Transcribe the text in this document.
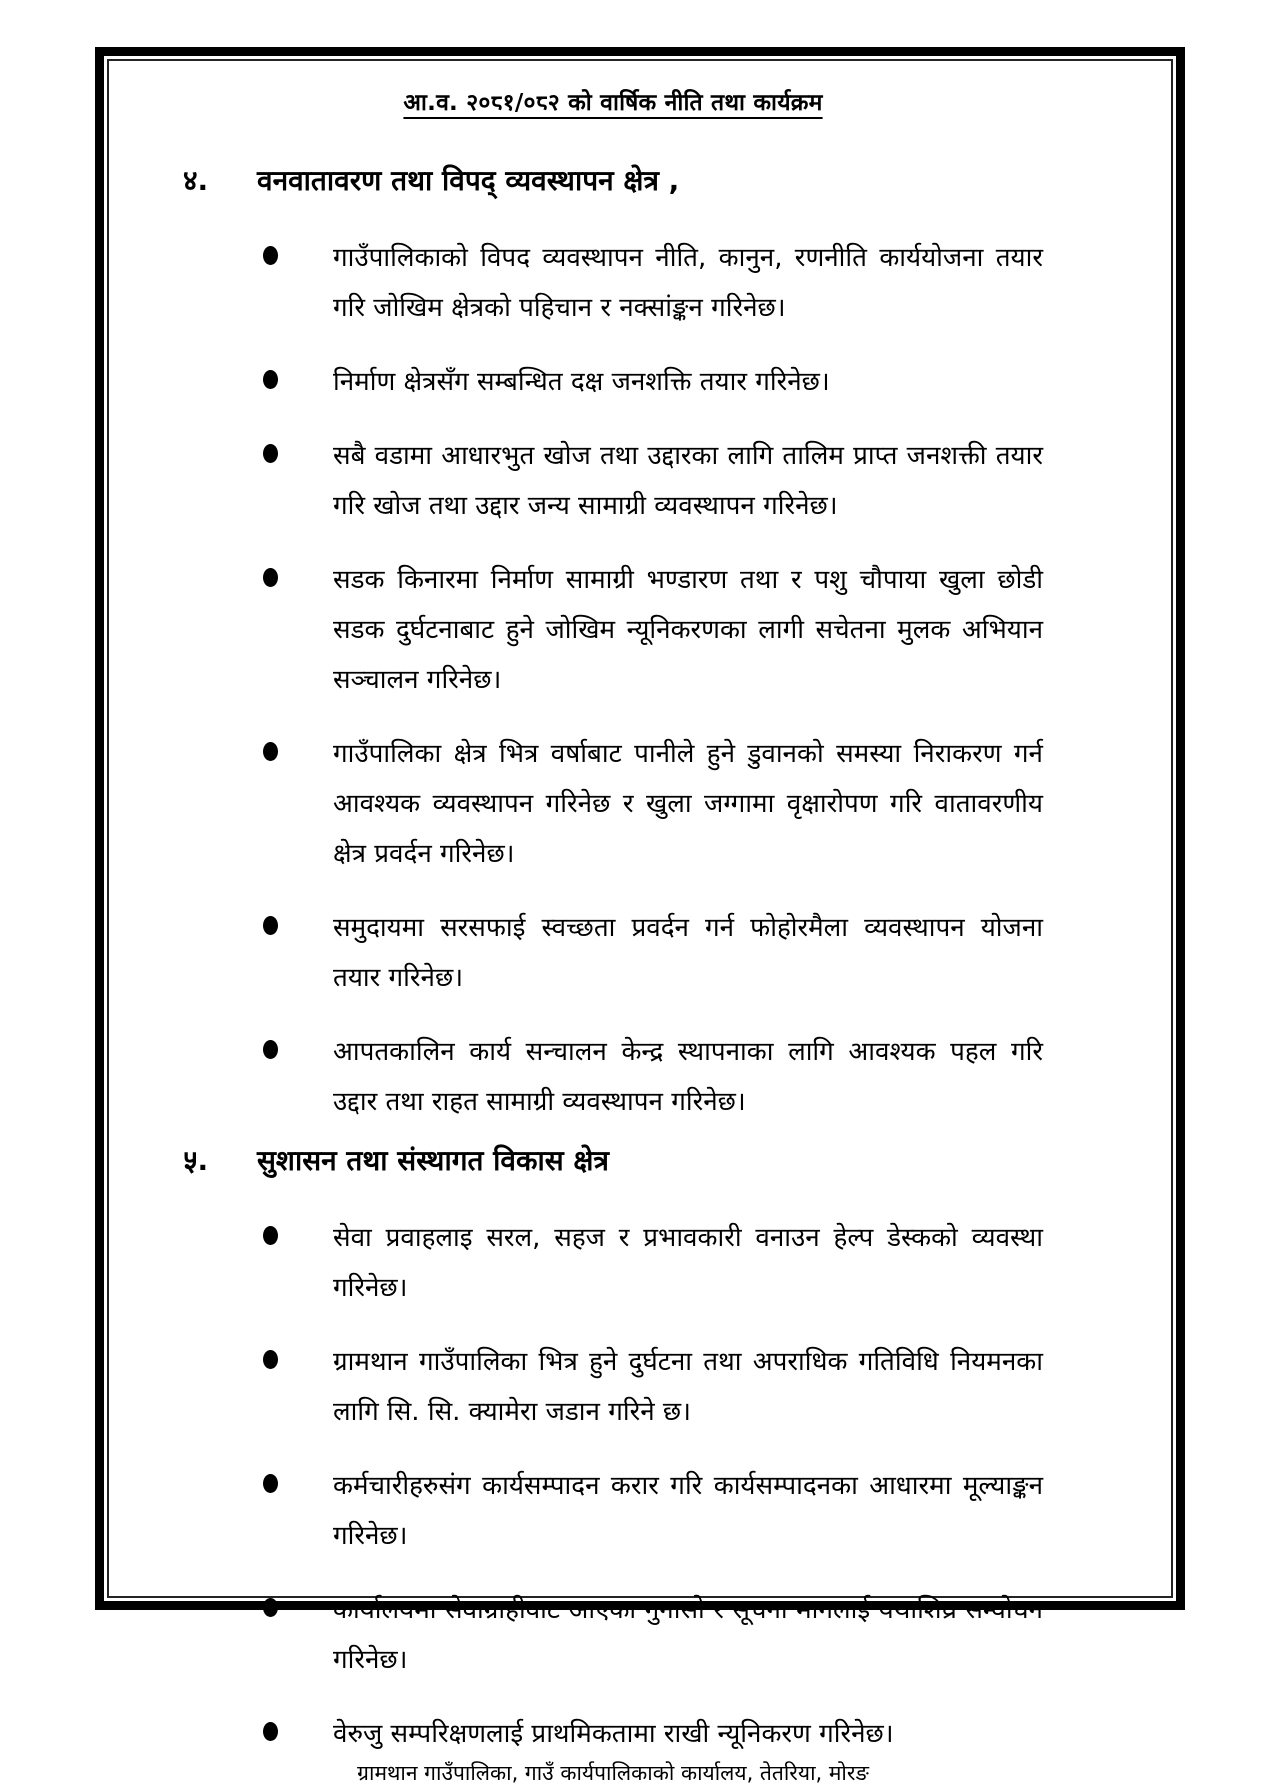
आ.व. २०८१/०८२ को वार्षिक नीति तथा कार्यक्रम
४.	वनवातावरण तथा विपद् व्यवस्थापन क्षेत्र ,

गाउँपालिकाको विपद व्यवस्थापन नीति, कानुन, रणनीति कार्ययोजना तयार गरि जोखिम क्षेत्रको पहिचान र नक्सांङ्कन गरिनेछ।

निर्माण क्षेत्रसँग सम्बन्धित दक्ष जनशक्ति तयार गरिनेछ।

सबै वडामा आधारभुत खोज तथा उद्दारका लागि तालिम प्राप्त जनशक्ती तयार गरि खोज तथा उद्दार जन्य सामाग्री व्यवस्थापन गरिनेछ।

सडक किनारमा निर्माण सामाग्री भण्डारण तथा र पशु चौपाया खुला छोडी सडक दुर्घटनाबाट हुने जोखिम न्यूनिकरणका लागी सचेतना मुलक अभियान सञ्चालन गरिनेछ।

गाउँपालिका क्षेत्र भित्र वर्षाबाट पानीले हुने डुवानको समस्या निराकरण गर्न आवश्यक व्यवस्थापन गरिनेछ र खुला जग्गामा वृक्षारोपण गरि वातावरणीय क्षेत्र प्रवर्दन गरिनेछ।

समुदायमा सरसफाई स्वच्छता प्रवर्दन गर्न फोहोरमैला व्यवस्थापन योजना तयार गरिनेछ।

आपतकालिन कार्य सन्चालन केन्द्र स्थापनाका लागि आवश्यक पहल गरि उद्दार तथा राहत सामाग्री व्यवस्थापन गरिनेछ।

५.	सुशासन तथा संस्थागत विकास क्षेत्र

सेवा प्रवाहलाइ सरल, सहज र प्रभावकारी वनाउन हेल्प डेस्कको व्यवस्था गरिनेछ।

ग्रामथान गाउँपालिका भित्र हुने दुर्घटना तथा अपराधिक गतिविधि नियमनका लागि सि. सि. क्यामेरा जडान गरिने छ।

कर्मचारीहरुसंग कार्यसम्पादन करार गरि कार्यसम्पादनका आधारमा मूल्याङ्कन गरिनेछ।

कार्यालयमा सेवाग्राहीवाट आएका गुनासो र सूचना मागलाई यथाशिघ्र सम्वोधन गरिनेछ।

वेरुजु सम्परिक्षणलाई प्राथमिकतामा राखी न्यूनिकरण गरिनेछ।

ग्रामथान गाउँपालिका, गाउँ कार्यपालिकाको कार्यालय, तेतरिया, मोरङ
